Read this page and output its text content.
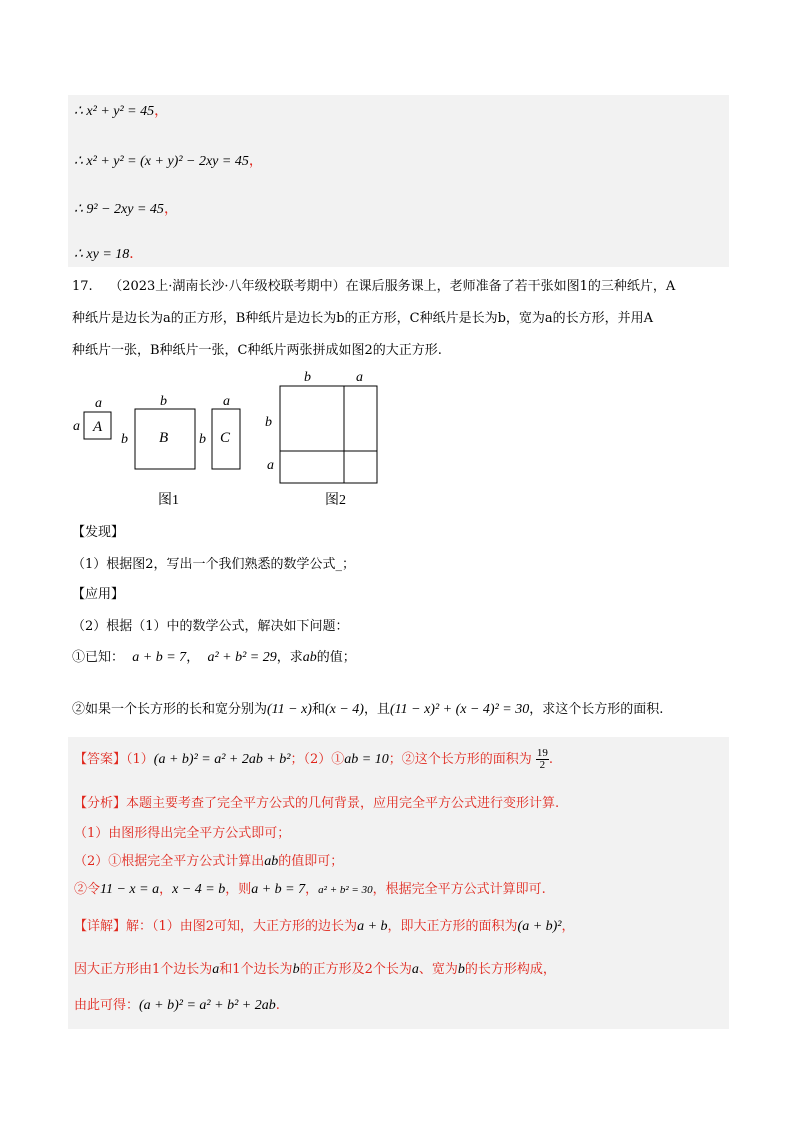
∴ x² + y² = 45，
∴ x² + y² = (x + y)² − 2xy = 45，
∴ 9² − 2xy = 45，
∴ xy = 18．
17. （2023上·湖南长沙·八年级校联考期中）在课后服务课上，老师准备了若干张如图1的三种纸片，A
种纸片是边长为a的正方形，B种纸片是边长为b的正方形，C种纸片是长为b，宽为a的长方形，并用A
种纸片一张，B种纸片一张，C种纸片两张拼成如图2的大正方形.
a
a A
b
b B
a
b C
图1
b	a
b
a
图2
【发现】
（1）根据图2，写出一个我们熟悉的数学公式_；
【应用】
（2）根据（1）中的数学公式，解决如下问题：
①已知： a + b = 7， a² + b² = 29，求ab的值；
②如果一个长方形的长和宽分别为(11 − x)和(x − 4)，且(11 − x)² + (x − 4)² = 30，求这个长方形的面积.
【答案】（1）(a + b)² = a² + 2ab + b²；（2）①ab = 10；②这个长方形的面积为 $\frac{19}{2}$ .
【分析】本题主要考查了完全平方公式的几何背景，应用完全平方公式进行变形计算.
（1）由图形得出完全平方公式即可；
（2）①根据完全平方公式计算出ab的值即可；
②令11 − x = a，x − 4 = b，则a + b = 7，a² + b² = 30，根据完全平方公式计算即可.
【详解】解：（1）由图2可知，大正方形的边长为a + b，即大正方形的面积为(a + b)²，
因大正方形由1个边长为a和1个边长为b的正方形及2个长为a、宽为b的长方形构成，
由此可得：(a + b)² = a² + b² + 2ab.
